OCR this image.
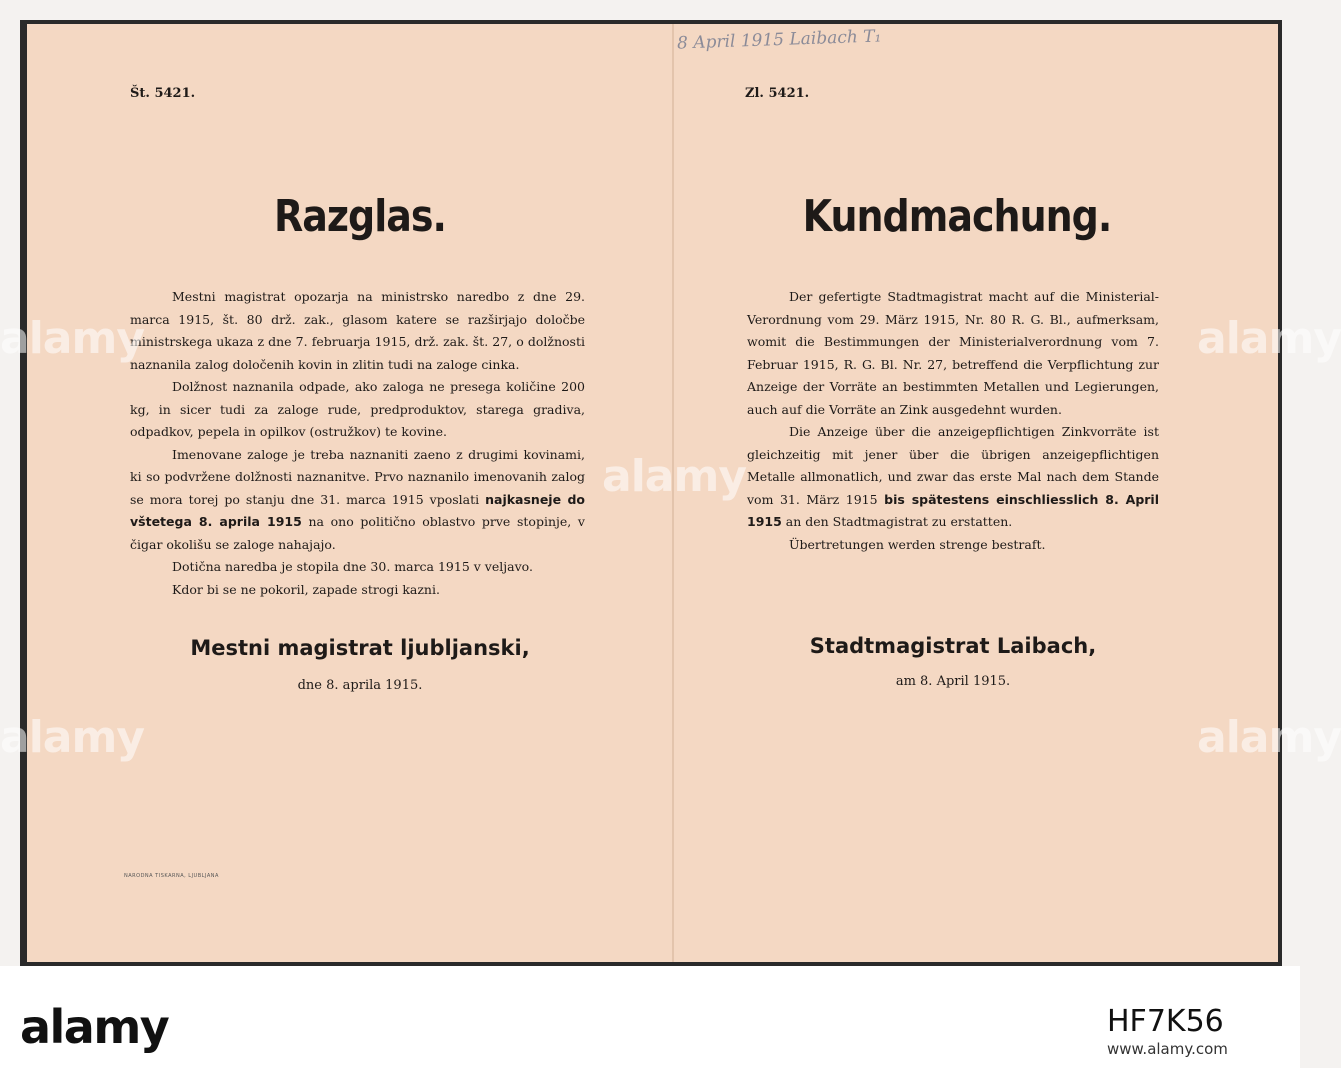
8 April 1915 Laibach T₁
Št. 5421.
Razglas.

Mestni magistrat opozarja na ministrsko naredbo z dne 29. marca 1915, št. 80 drž. zak., glasom katere se razširjajo določbe ministrskega ukaza z dne 7. februarja 1915, drž. zak. št. 27, o dolžnosti naznanila zalog določenih kovin in zlitin tudi na zaloge cinka.

Dolžnost naznanila odpade, ako zaloga ne presega količine 200 kg, in sicer tudi za zaloge rude, predproduktov, starega gradiva, odpadkov, pepela in opilkov (ostružkov) te kovine.

Imenovane zaloge je treba naznaniti zaeno z drugimi kovinami, ki so podvržene dolžnosti naznanitve. Prvo naznanilo imenovanih zalog se mora torej po stanju dne 31. marca 1915 vposlati najkasneje do vštetega 8. aprila 1915 na ono politično oblastvo prve stopinje, v čigar okolišu se zaloge nahajajo.

Dotična naredba je stopila dne 30. marca 1915 v veljavo.

Kdor bi se ne pokoril, zapade strogi kazni.

Mestni magistrat ljubljanski,
dne 8. aprila 1915.
Zl. 5421.
Kundmachung.

Der gefertigte Stadtmagistrat macht auf die Ministerial-Verordnung vom 29. März 1915, Nr. 80 R. G. Bl., aufmerksam, womit die Bestimmungen der Ministerialverordnung vom 7. Februar 1915, R. G. Bl. Nr. 27, betreffend die Verpflichtung zur Anzeige der Vorräte an bestimmten Metallen und Legierungen, auch auf die Vorräte an Zink ausgedehnt wurden.

Die Anzeige über die anzeigepflichtigen Zinkvorräte ist gleichzeitig mit jener über die übrigen anzeigepflichtigen Metalle allmonatlich, und zwar das erste Mal nach dem Stande vom 31. März 1915 bis spätestens einschliesslich 8. April 1915 an den Stadtmagistrat zu erstatten.

Übertretungen werden strenge bestraft.

Stadtmagistrat Laibach,
am 8. April 1915.
NARODNA TISKARNA, LJUBLJANA
alamy
alamy
alamy
alamy	alamy
alamy	HF7K56
www.alamy.com
